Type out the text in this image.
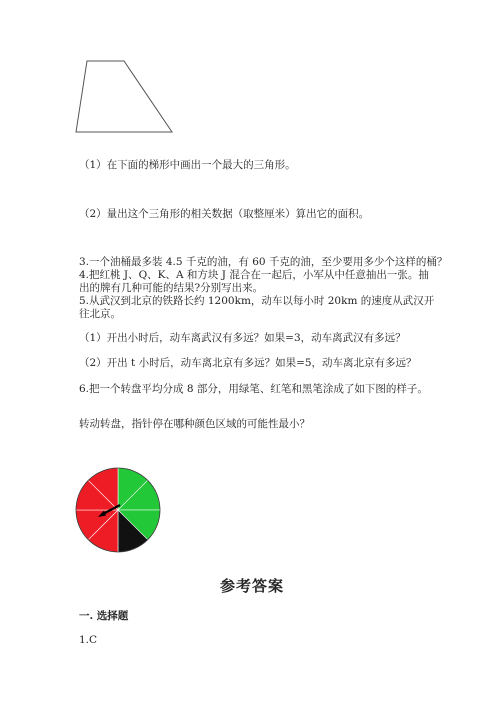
（1）在下面的梯形中画出一个最大的三角形。
（2）量出这个三角形的相关数据（取整厘米）算出它的面积。
3.一个油桶最多装 4.5 千克的油，有 60 千克的油，至少要用多少个这样的桶？
4.把红桃 J、Q、K、A 和方块 J 混合在一起后，小军从中任意抽出一张。抽出的牌有几种可能的结果?分别写出来。
5.从武汉到北京的铁路长约 1200km，动车以每小时 20km 的速度从武汉开往北京。
（1）开出小时后，动车离武汉有多远？如果=3，动车离武汉有多远？
（2）开出 t 小时后，动车离北京有多远？如果=5，动车离北京有多远？
6.把一个转盘平均分成 8 部分，用绿笔、红笔和黑笔涂成了如下图的样子。
转动转盘，指针停在哪种颜色区域的可能性最小？
参考答案
一. 选择题
1.C
